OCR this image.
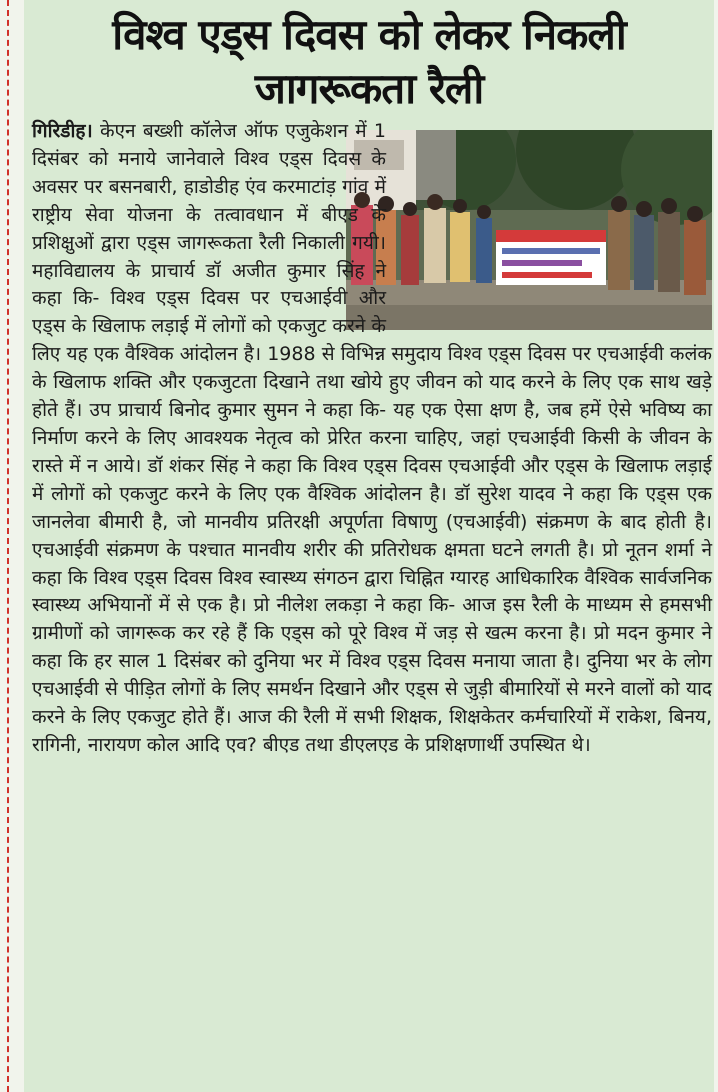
विश्व एड्स दिवस को लेकर निकली
जागरूकता रैली
गिरिडीह। केएन बख्शी कॉलेज ऑफ एजुकेशन में 1 दिसंबर को मनाये जानेवाले विश्व एड्स दिवस के अवसर पर बसनबारी, हाडोडीह एंव करमाटांड़ गांव में राष्ट्रीय सेवा योजना के तत्वावधान में बीएड के प्रशिक्षुओं द्वारा एड्स जागरूकता रैली निकाली गयी। महाविद्यालय के प्राचार्य डॉ अजीत कुमार सिंह ने कहा कि- विश्व एड्स दिवस पर एचआईवी और एड्स के खिलाफ लड़ाई में लोगों को एकजुट करने के लिए यह एक वैश्विक आंदोलन है। 1988 से विभिन्न समुदाय विश्व एड्स दिवस पर एचआईवी कलंक के खिलाफ शक्ति और एकजुटता दिखाने तथा खोये हुए जीवन को याद करने के लिए एक साथ खड़े होते हैं। उप प्राचार्य बिनोद कुमार सुमन ने कहा कि- यह एक ऐसा क्षण है, जब हमें ऐसे भविष्य का निर्माण करने के लिए आवश्यक नेतृत्व को प्रेरित करना चाहिए, जहां एचआईवी किसी के जीवन के रास्ते में न आये। डॉ शंकर सिंह ने कहा कि विश्व एड्स दिवस एचआईवी और एड्स के खिलाफ लड़ाई में लोगों को एकजुट करने के लिए एक वैश्विक आंदोलन है। डॉ सुरेश यादव ने कहा कि एड्स एक जानलेवा बीमारी है, जो मानवीय प्रतिरक्षी अपूर्णता विषाणु (एचआईवी) संक्रमण के बाद होती है। एचआईवी संक्रमण के पश्चात मानवीय शरीर की प्रतिरोधक क्षमता घटने लगती है। प्रो नूतन शर्मा ने कहा कि विश्व एड्स दिवस विश्व स्वास्थ्य संगठन द्वारा चिह्नित ग्यारह आधिकारिक वैश्विक सार्वजनिक स्वास्थ्य अभियानों में से एक है। प्रो नीलेश लकड़ा ने कहा कि- आज इस रैली के माध्यम से हमसभी ग्रामीणों को जागरूक कर रहे हैं कि एड्स को पूरे विश्व में जड़ से खत्म करना है। प्रो मदन कुमार ने कहा कि हर साल 1 दिसंबर को दुनिया भर में विश्व एड्स दिवस मनाया जाता है। दुनिया भर के लोग एचआईवी से पीड़ित लोगों के लिए समर्थन दिखाने और एड्स से जुड़ी बीमारियों से मरने वालों को याद करने के लिए एकजुट होते हैं। आज की रैली में सभी शिक्षक, शिक्षकेतर कर्मचारियों में राकेश, बिनय, रागिनी, नारायण कोल आदि एव? बीएड तथा डीएलएड के प्रशिक्षणार्थी उपस्थित थे।
